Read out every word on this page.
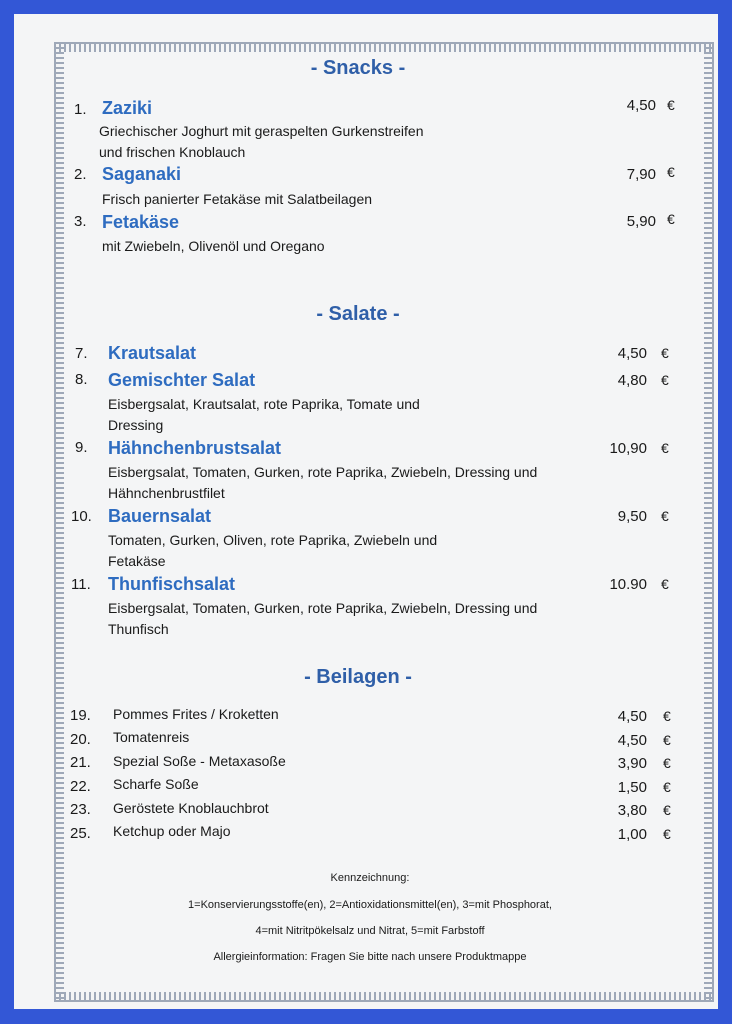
- Snacks -
1. Zaziki
Griechischer Joghurt mit geraspelten Gurkenstreifen
und frischen Knoblauch
4,50 €
2. Saganaki
Frisch panierter Fetakäse mit Salatbeilagen
7,90 €
3. Fetakäse
mit Zwiebeln, Olivenöl und Oregano
5,90 €
- Salate -
7. Krautsalat	4,50 €
8. Gemischter Salat
Eisbergsalat, Krautsalat, rote Paprika, Tomate und
Dressing
4,80 €
9. Hähnchenbrustsalat
Eisbergsalat, Tomaten, Gurken, rote Paprika, Zwiebeln, Dressing und
Hähnchenbrustfilet
10,90 €
10. Bauernsalat
Tomaten, Gurken, Oliven, rote Paprika, Zwiebeln und
Fetakäse
9,50 €
11. Thunfischsalat
Eisbergsalat, Tomaten, Gurken, rote Paprika, Zwiebeln, Dressing und
Thunfisch
10.90 €
- Beilagen -
19. Pommes Frites / Kroketten	4,50 €
20. Tomatenreis	4,50 €
21. Spezial Soße - Metaxasoße	3,90 €
22. Scharfe Soße	1,50 €
23. Geröstete Knoblauchbrot	3,80 €
25. Ketchup oder Majo	1,00 €
Kennzeichnung:
1=Konservierungsstoffe(en), 2=Antioxidationsmittel(en), 3=mit Phosphorat,
4=mit Nitritpökelsalz und Nitrat, 5=mit Farbstoff
Allergieinformation: Fragen Sie bitte nach unsere Produktmappe
